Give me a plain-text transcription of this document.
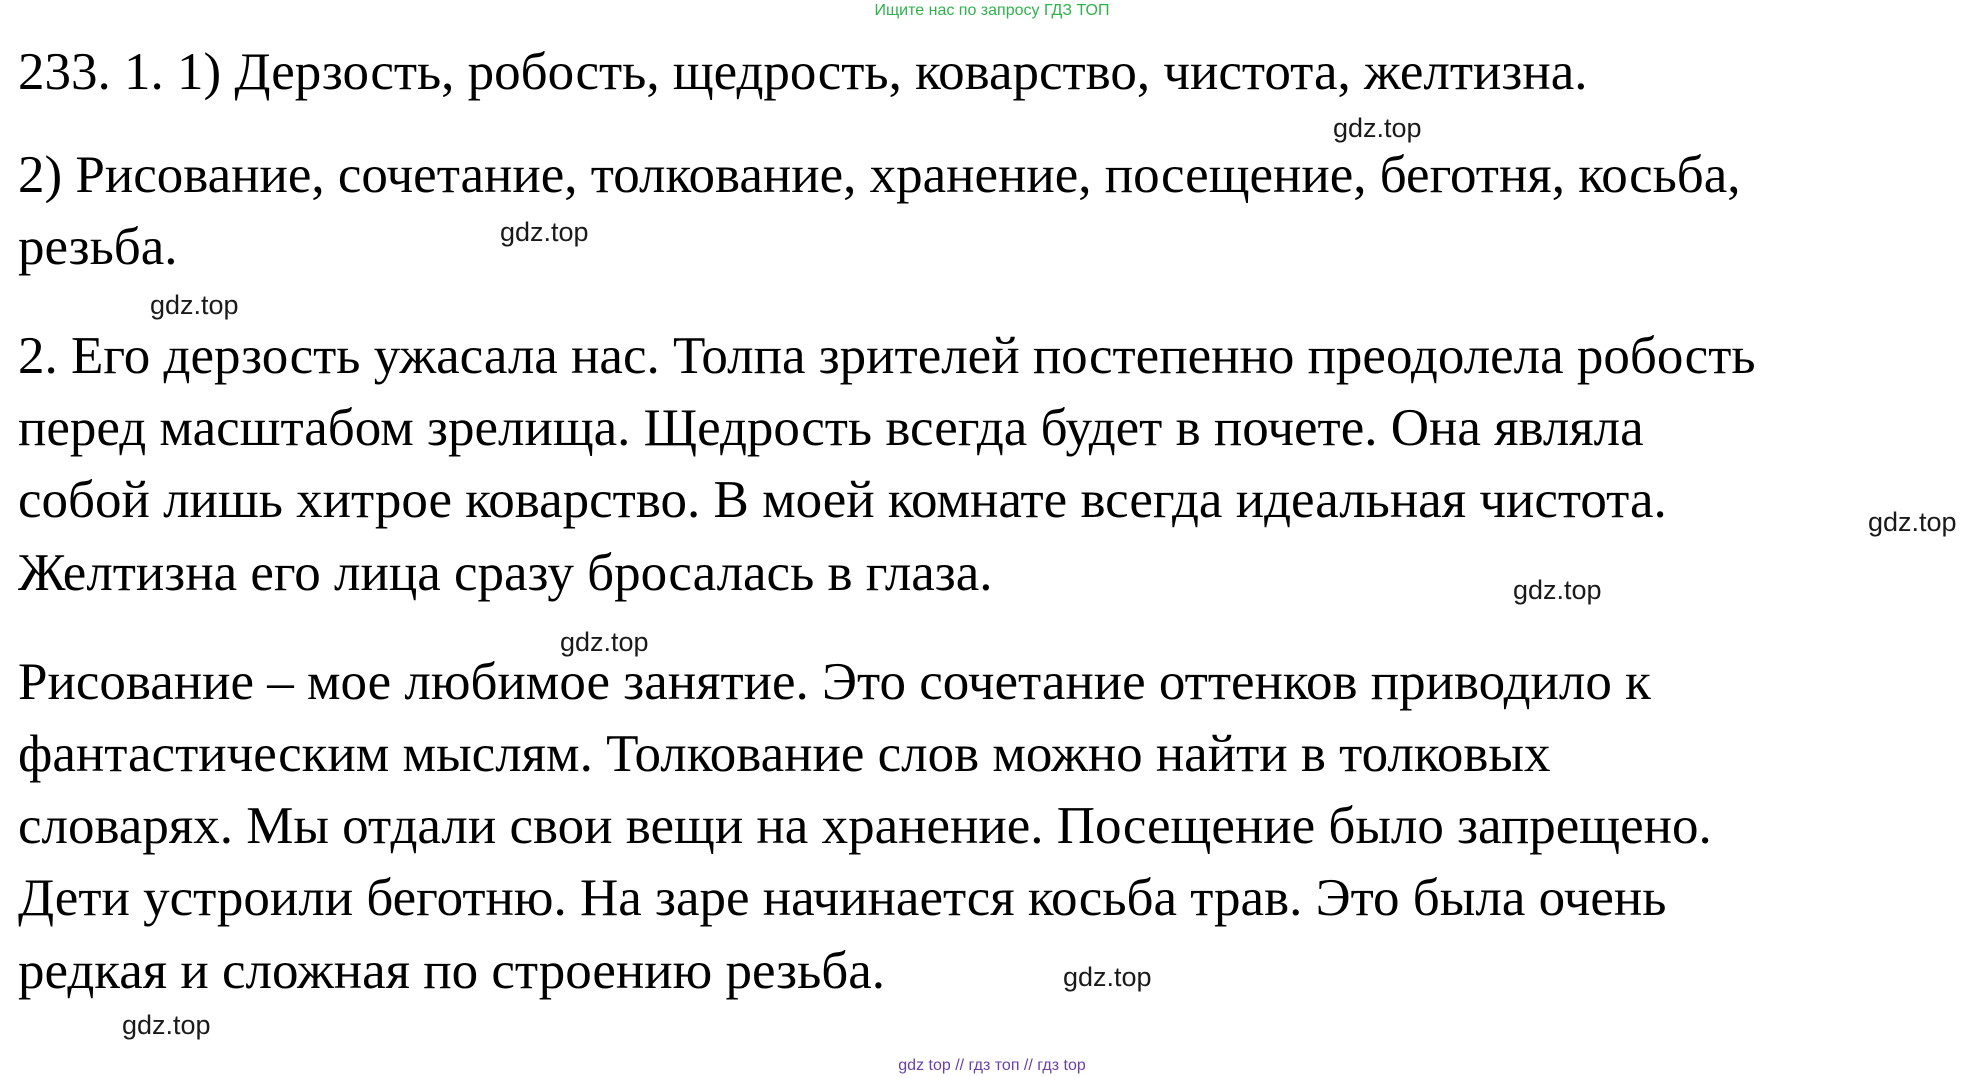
Ищите нас по запросу ГДЗ ТОП
233. 1. 1) Дерзость, робость, щедрость, коварство, чистота, желтизна.
2) Рисование, сочетание, толкование, хранение, посещение, беготня, косьба,
резьба.
2. Его дерзость ужасала нас. Толпа зрителей постепенно преодолела робость
перед масштабом зрелища. Щедрость всегда будет в почете. Она являла
собой лишь хитрое коварство. В моей комнате всегда идеальная чистота.
Желтизна его лица сразу бросалась в глаза.
Рисование – мое любимое занятие. Это сочетание оттенков приводило к
фантастическим мыслям. Толкование слов можно найти в толковых
словарях. Мы отдали свои вещи на хранение. Посещение было запрещено.
Дети устроили беготню. На заре начинается косьба трав. Это была очень
редкая и сложная по строению резьба.
gdz.top
gdz.top
gdz.top
gdz.top
gdz.top
gdz.top
gdz.top
gdz.top
gdz top // гдз топ // гдз top
